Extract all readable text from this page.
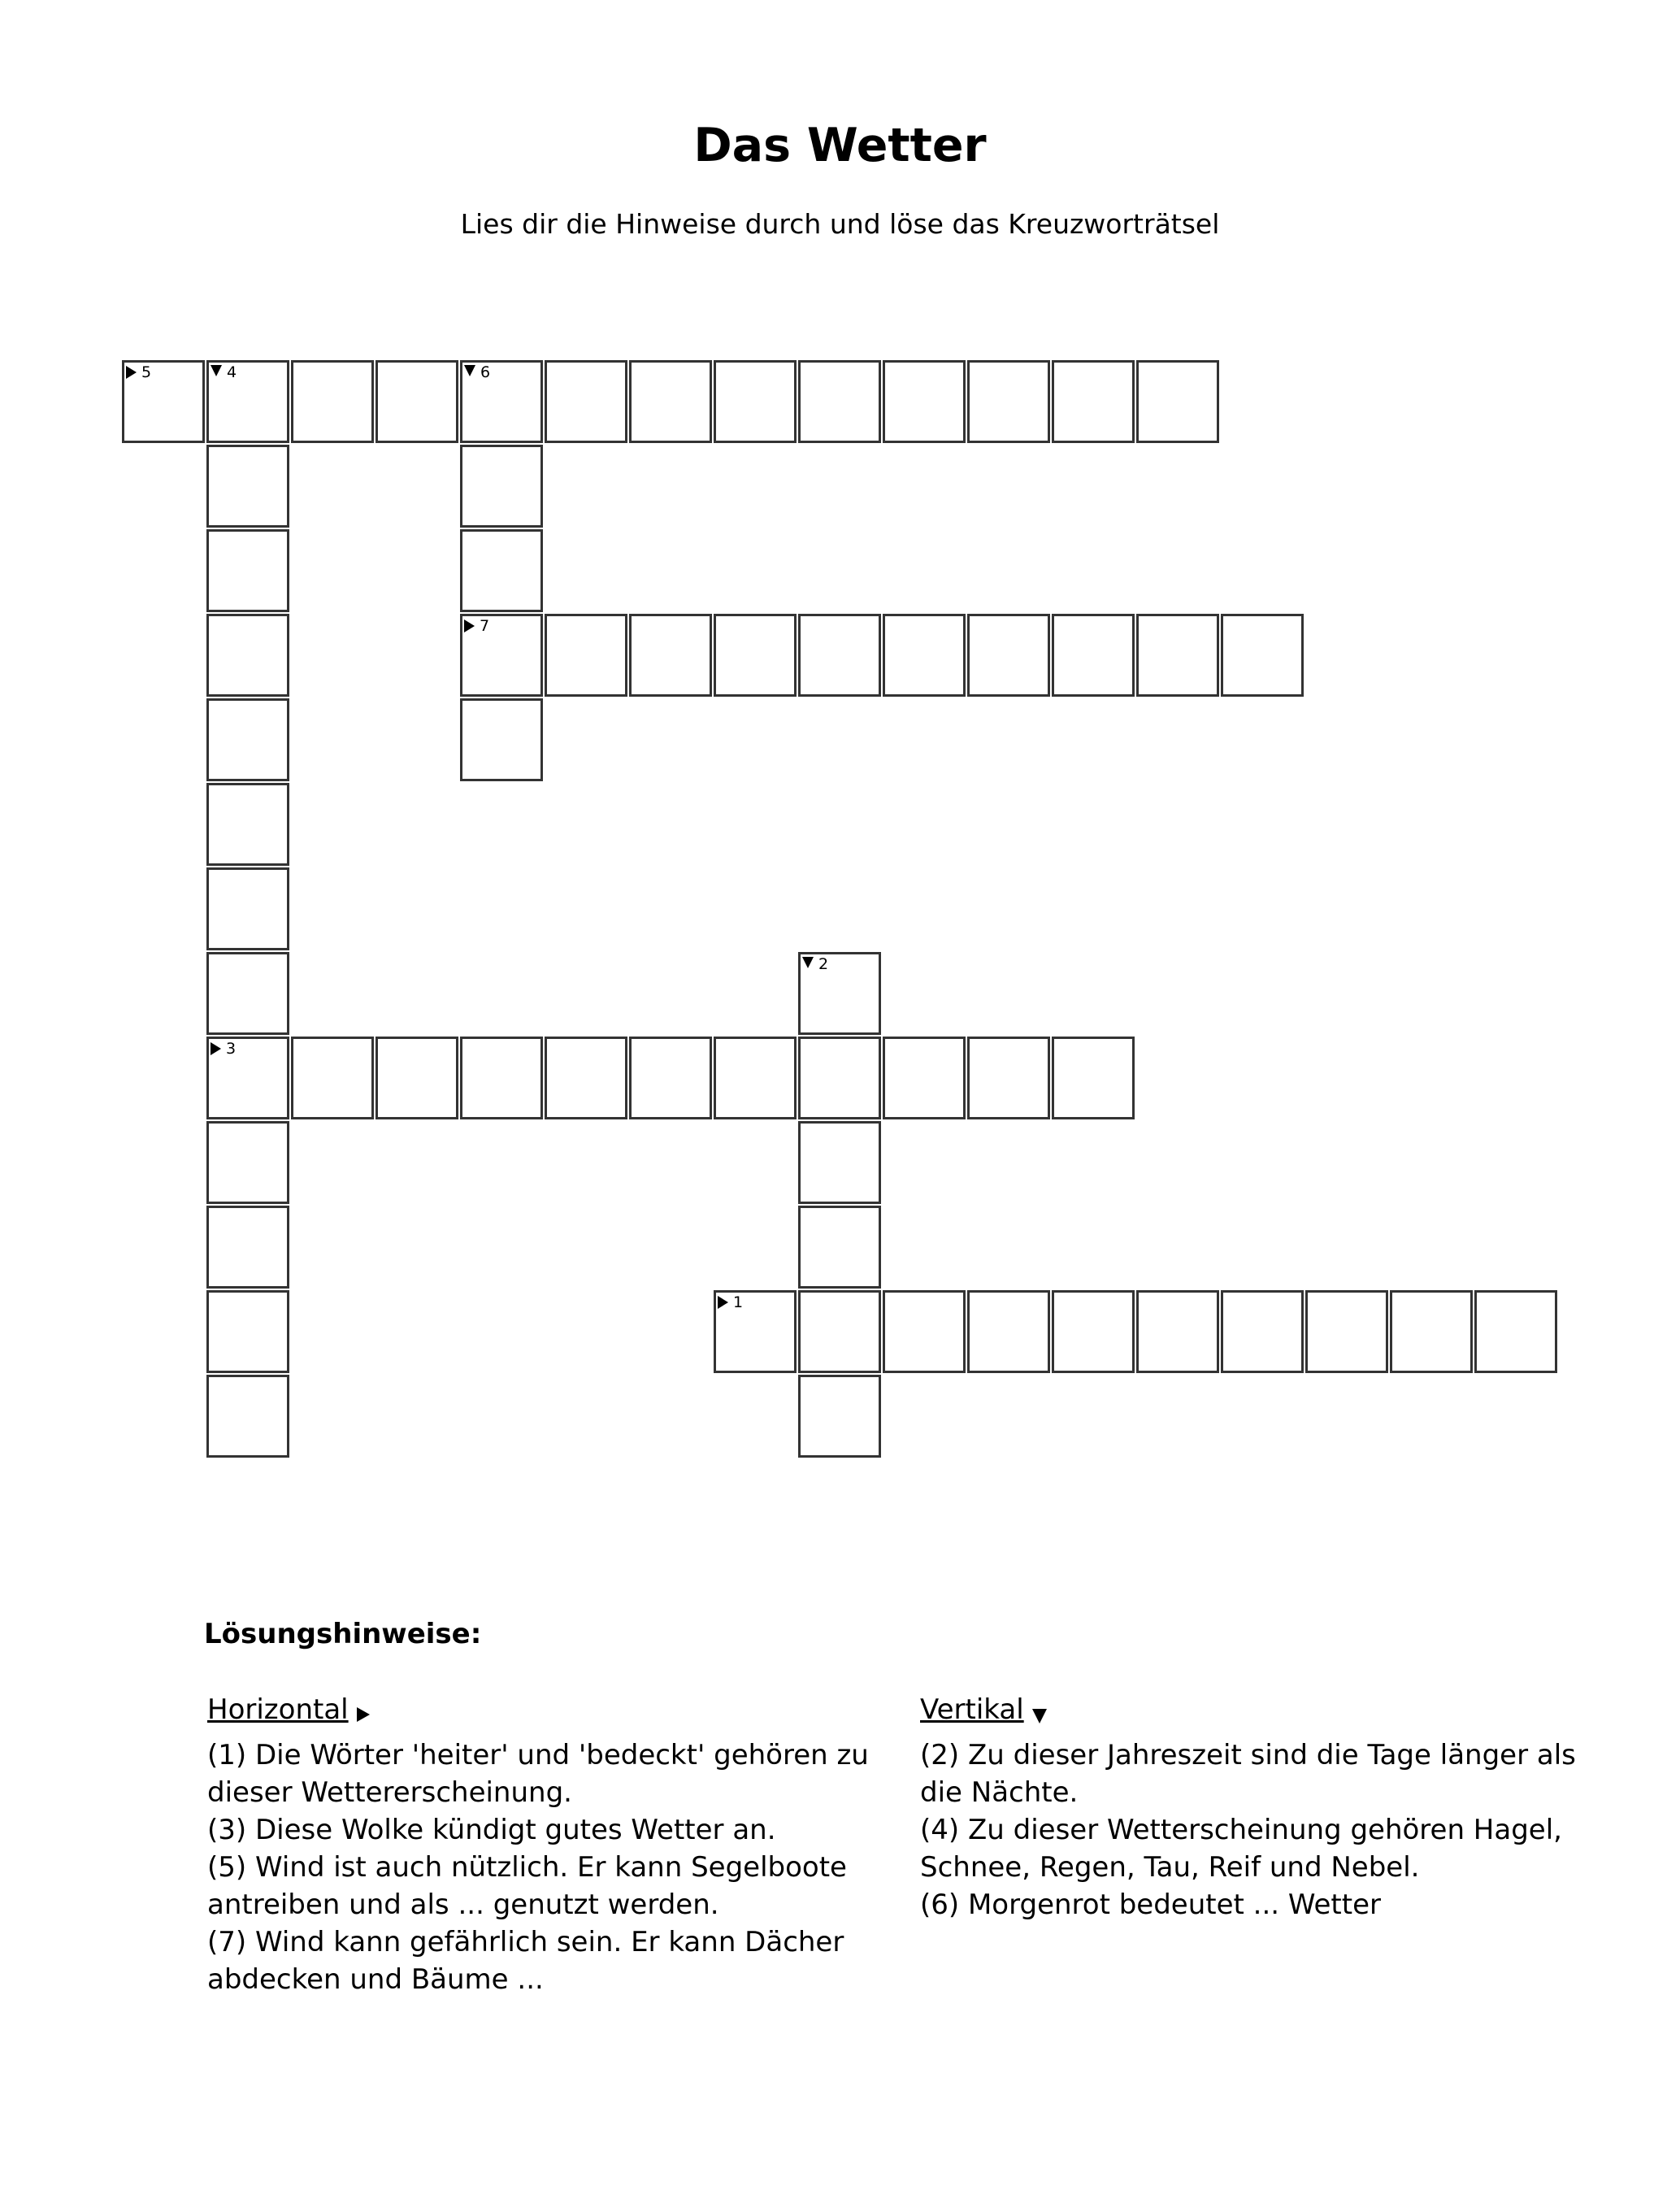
Das Wetter

Lies dir die Hinweise durch und löse das Kreuzworträtsel

5	4	6
3
7
2
1
Lösungshinweise:
Horizontal
(1) Die Wörter 'heiter' und 'bedeckt' gehören zu dieser Wettererscheinung.
(3) Diese Wolke kündigt gutes Wetter an.
(5) Wind ist auch nützlich. Er kann Segelboote antreiben und als ... genutzt werden.
(7) Wind kann gefährlich sein. Er kann Dächer abdecken und Bäume ...
Vertikal
(2) Zu dieser Jahreszeit sind die Tage länger als die Nächte.
(4) Zu dieser Wetterscheinung gehören Hagel, Schnee, Regen, Tau, Reif und Nebel.
(6) Morgenrot bedeutet ... Wetter
